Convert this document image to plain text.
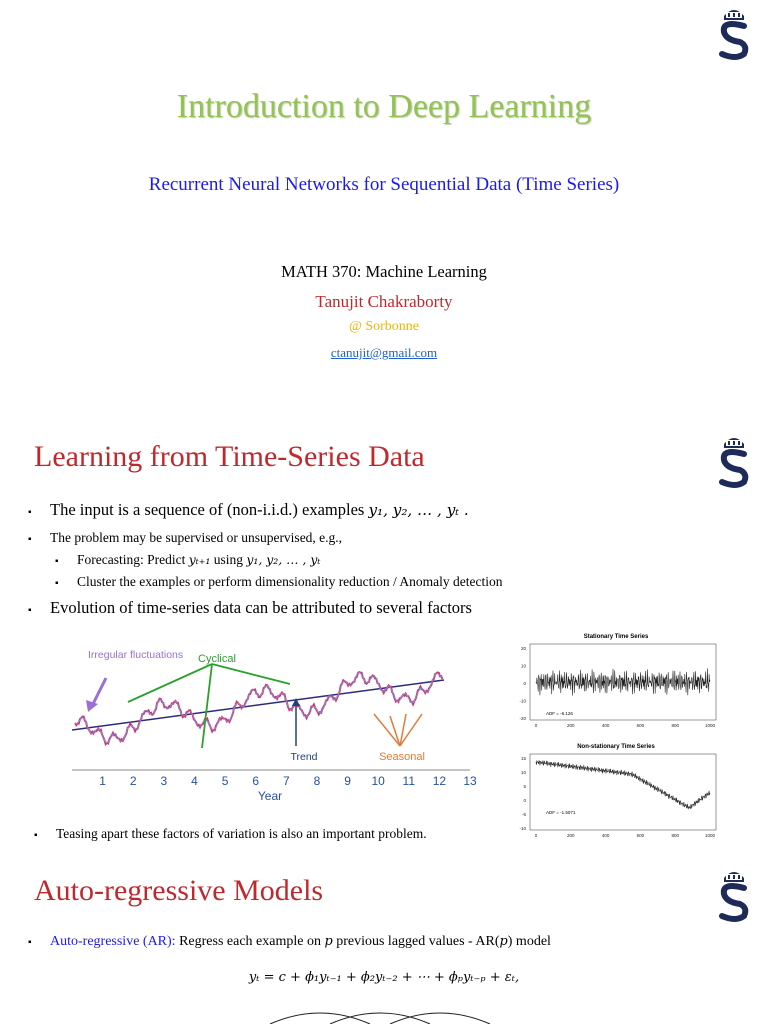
Introduction to Deep Learning
Recurrent Neural Networks for Sequential Data (Time Series)
MATH 370: Machine Learning
Tanujit Chakraborty
@ Sorbonne
ctanujit@gmail.com
Learning from Time-Series Data
▪	The input is a sequence of (non-i.i.d.) examples
y₁, y₂, … , yₜ .
▪	The problem may be supervised or unsupervised, e.g.,
▪	Forecasting: Predict
yₜ₊₁
using
y₁, y₂, … , yₜ
▪	Cluster the examples or perform dimensionality reduction / Anomaly detection
▪	Evolution of time-series data can be attributed to several factors
1 2 3 4 5 6 7 8 9 10 11 12 13
Year
Irregular fluctuations Cyclical
Trend	Seasonal
Stationary Time Series
20
10
0
-10
-20
0	200	400	600	800	1000
ADF = -6.126
Non-stationary Time Series
15
10
5
0
-5
-10
0	200	400	600	800	1000
ADF = -1.5071
▪	Teasing apart these factors of variation is also an important problem.
Auto-regressive Models
▪	Auto-regressive (AR):
Regress each example on
p
previous lagged values - AR( p ) model
yₜ = c + ϕ₁yₜ₋₁ + ϕ₂yₜ₋₂ + ⋯ + ϕₚyₜ₋ₚ + εₜ,
